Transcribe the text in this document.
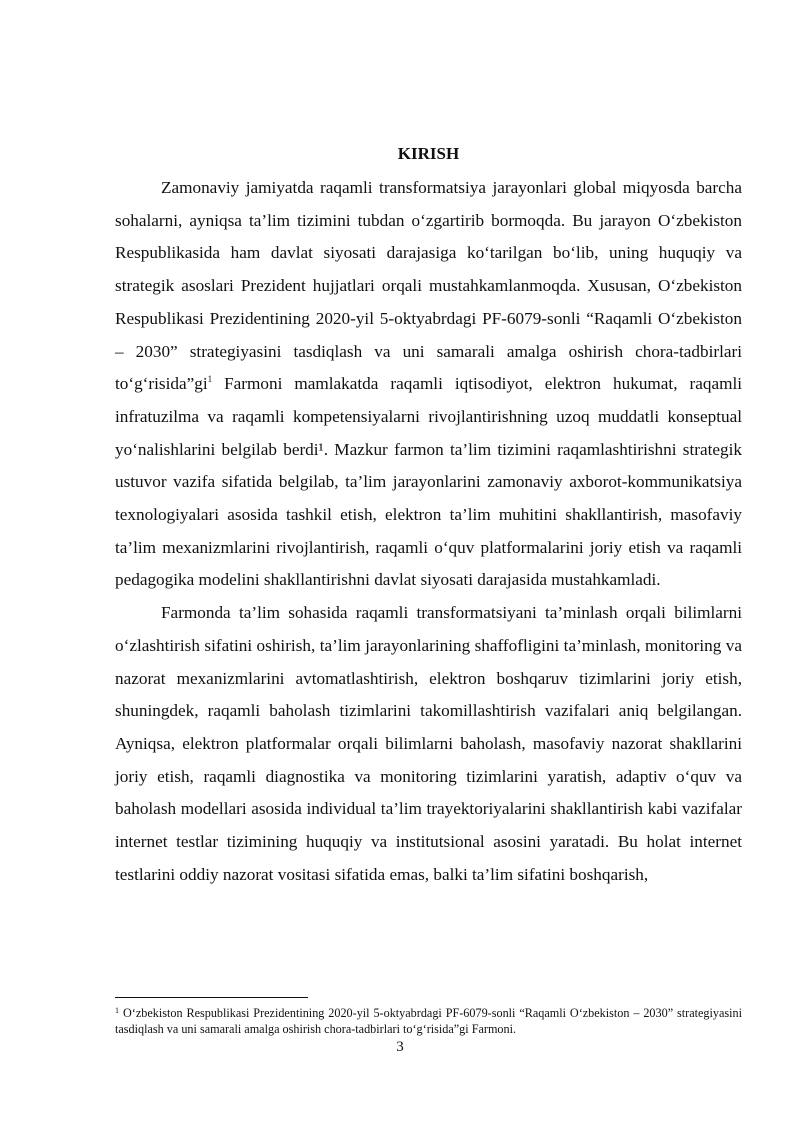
KIRISH

Zamonaviy jamiyatda raqamli transformatsiya jarayonlari global miqyosda barcha sohalarni, ayniqsa ta’lim tizimini tubdan o‘zgartirib bormoqda. Bu jarayon O‘zbekiston Respublikasida ham davlat siyosati darajasiga ko‘tarilgan bo‘lib, uning huquqiy va strategik asoslari Prezident hujjatlari orqali mustahkamlanmoqda. Xususan, O‘zbekiston Respublikasi Prezidentining 2020-yil 5-oktyabrdagi PF-6079-sonli “Raqamli O‘zbekiston – 2030” strategiyasini tasdiqlash va uni samarali amalga oshirish chora-tadbirlari to‘g‘risida”gi$^1$ Farmoni mamlakatda raqamli iqtisodiyot, elektron hukumat, raqamli infratuzilma va raqamli kompetensiyalarni rivojlantirishning uzoq muddatli konseptual yo‘nalishlarini belgilab berdi¹. Mazkur farmon ta’lim tizimini raqamlashtirishni strategik ustuvor vazifa sifatida belgilab, ta’lim jarayonlarini zamonaviy axborot-kommunikatsiya texnologiyalari asosida tashkil etish, elektron ta’lim muhitini shakllantirish, masofaviy ta’lim mexanizmlarini rivojlantirish, raqamli o‘quv platformalarini joriy etish va raqamli pedagogika modelini shakllantirishni davlat siyosati darajasida mustahkamladi.

Farmonda ta’lim sohasida raqamli transformatsiyani ta’minlash orqali bilimlarni o‘zlashtirish sifatini oshirish, ta’lim jarayonlarining shaffofligini ta’minlash, monitoring va nazorat mexanizmlarini avtomatlashtirish, elektron boshqaruv tizimlarini joriy etish, shuningdek, raqamli baholash tizimlarini takomillashtirish vazifalari aniq belgilangan. Ayniqsa, elektron platformalar orqali bilimlarni baholash, masofaviy nazorat shakllarini joriy etish, raqamli diagnostika va monitoring tizimlarini yaratish, adaptiv o‘quv va baholash modellari asosida individual ta’lim trayektoriyalarini shakllantirish kabi vazifalar internet testlar tizimining huquqiy va institutsional asosini yaratadi. Bu holat internet testlarini oddiy nazorat vositasi sifatida emas, balki ta’lim sifatini boshqarish,

$^1$ O‘zbekiston Respublikasi Prezidentining 2020-yil 5-oktyabrdagi PF-6079-sonli “Raqamli O‘zbekiston – 2030” strategiyasini tasdiqlash va uni samarali amalga oshirish chora-tadbirlari to‘g‘risida”gi Farmoni.

3
